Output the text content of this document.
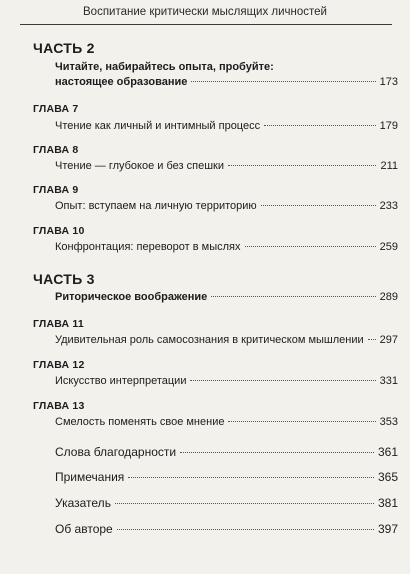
Воспитание критически мыслящих личностей
ЧАСТЬ 2
Читайте, набирайтесь опыта, пробуйте:
настоящее образование	173
ГЛАВА 7
Чтение как личный и интимный процесс	179
ГЛАВА 8
Чтение — глубокое и без спешки	211
ГЛАВА 9
Опыт: вступаем на личную территорию	233
ГЛАВА 10
Конфронтация: переворот в мыслях	259
ЧАСТЬ 3
Риторическое воображение	289
ГЛАВА 11
Удивительная роль самосознания в критическом мышлении 297
ГЛАВА 12
Искусство интерпретации	331
ГЛАВА 13
Смелость поменять свое мнение	353
Слова благодарности	361
Примечания	365
Указатель	381
Об авторе	397
